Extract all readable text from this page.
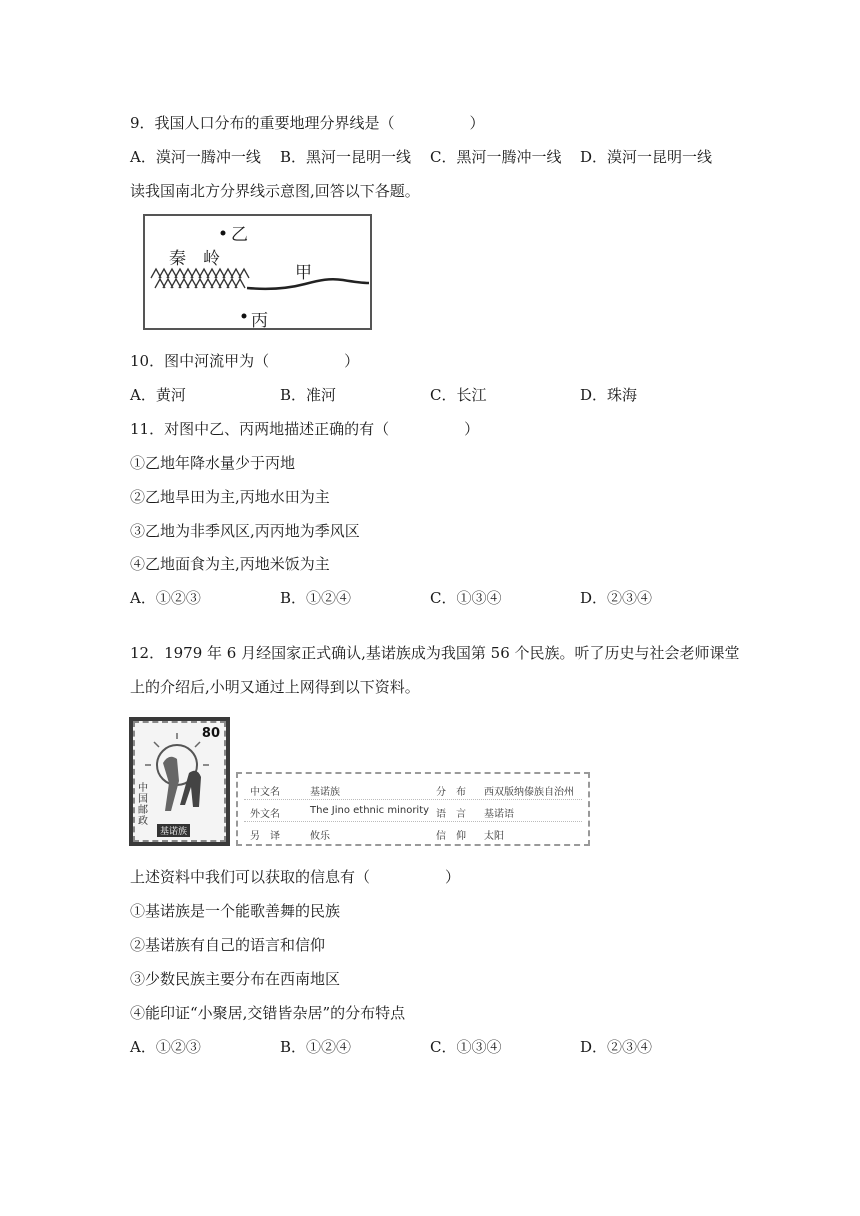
9．我国人口分布的重要地理分界线是（　　　　　）
A．漠河一腾冲一线 B．黑河一昆明一线 C．黑河一腾冲一线 D．漠河一昆明一线
读我国南北方分界线示意图,回答以下各题。
乙
秦　岭
甲
丙
10．图中河流甲为（　　　　　）
A．黄河	B．准河	C．长江	D．珠海
11．对图中乙、丙两地描述正确的有（　　　　　）
①乙地年降水量少于丙地
②乙地旱田为主,丙地水田为主
③乙地为非季风区,丙丙地为季风区
④乙地面食为主,丙地米饭为主
A．①②③	B．①②④	C．①③④	D．②③④
12．1979 年 6 月经国家正式确认,基诺族成为我国第 56 个民族。听了历史与社会老师课堂
上的介绍后,小明又通过上网得到以下资料。
80
中国邮政
基诺族
中文名	基诺族	分　布 西双版纳傣族自治州
外文名	The Jino ethnic minority 语　言 基诺语
另　译	攸乐	信　仰 太阳
上述资料中我们可以获取的信息有（　　　　　）
①基诺族是一个能歌善舞的民族
②基诺族有自己的语言和信仰
③少数民族主要分布在西南地区
④能印证“小聚居,交错皆杂居”的分布特点
A．①②③	B．①②④	C．①③④	D．②③④
